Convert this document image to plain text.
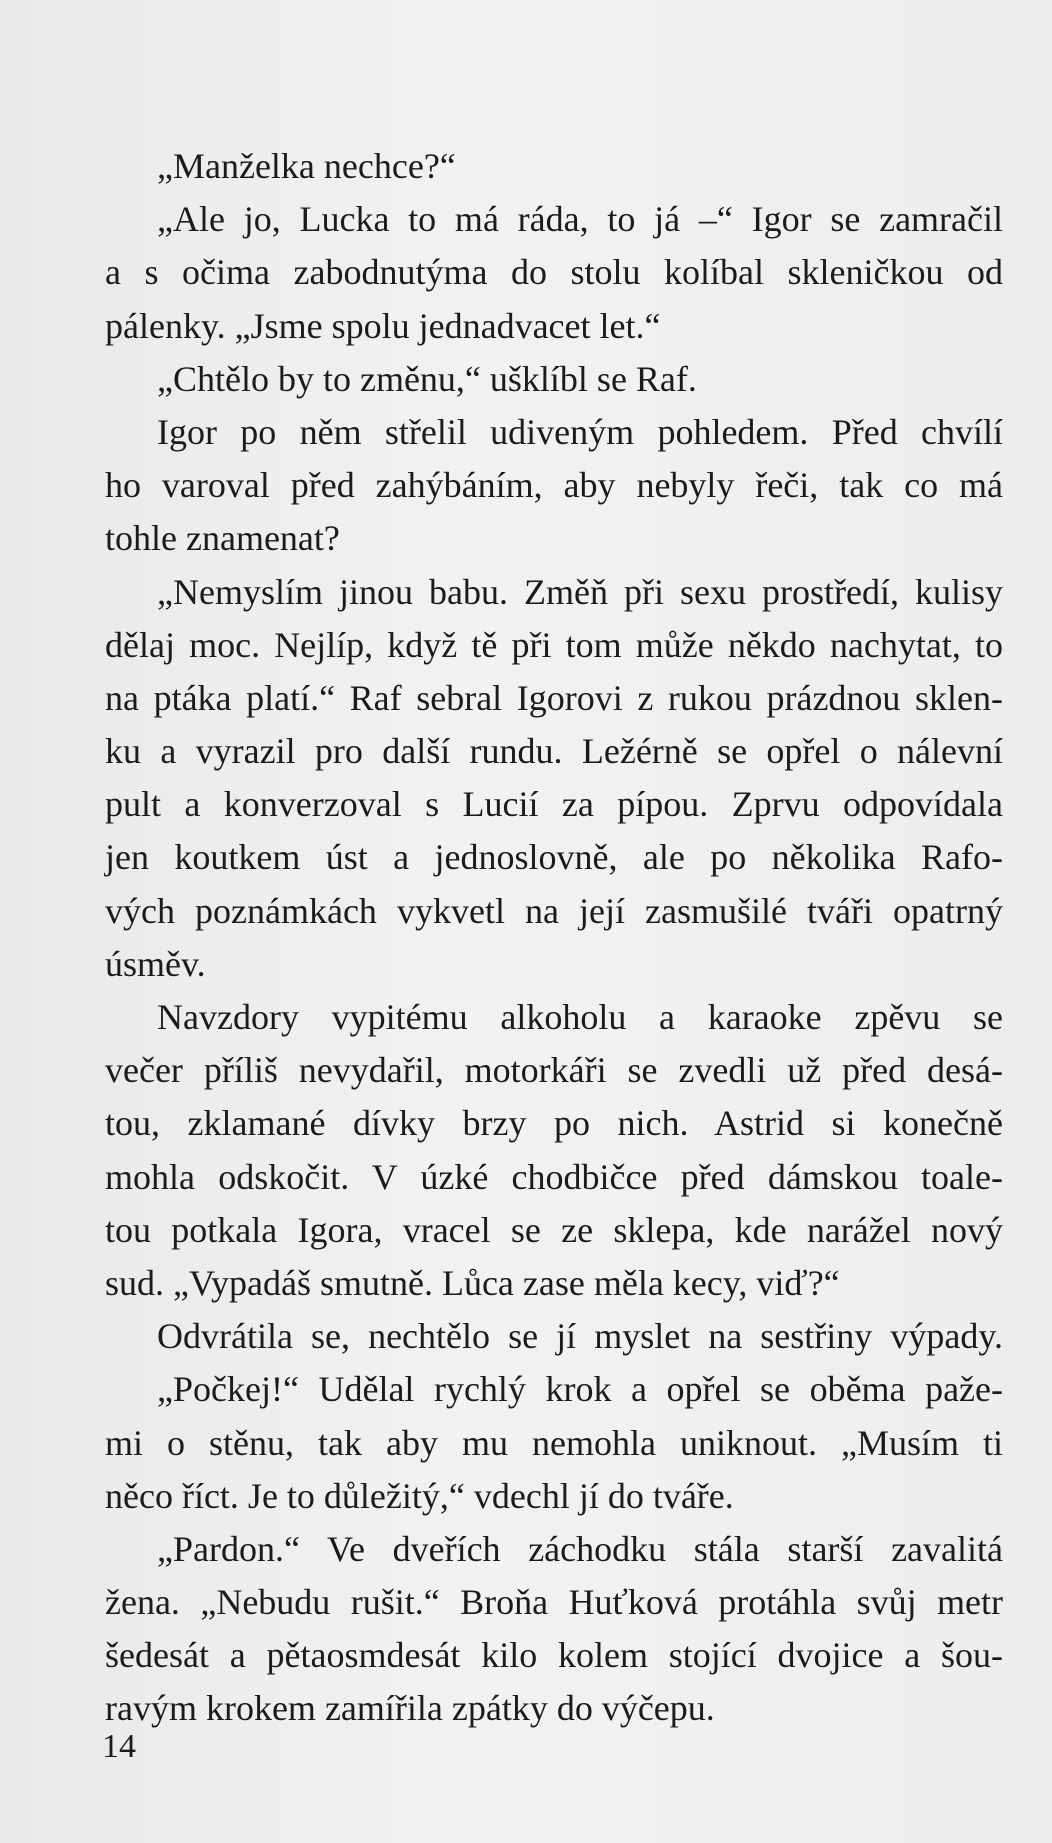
„Manželka nechce?“
„Ale jo, Lucka to má ráda, to já –“ Igor se zamračil
a s očima zabodnutýma do stolu kolíbal skleničkou od
pálenky. „Jsme spolu jednadvacet let.“
„Chtělo by to změnu,“ ušklíbl se Raf.
Igor po něm střelil udiveným pohledem. Před chvílí
ho varoval před zahýbáním, aby nebyly řeči, tak co má
tohle znamenat?
„Nemyslím jinou babu. Změň při sexu prostředí, kulisy
dělaj moc. Nejlíp, když tě při tom může někdo nachytat, to
na ptáka platí.“ Raf sebral Igorovi z rukou prázdnou sklen-
ku a vyrazil pro další rundu. Ležérně se opřel o nálevní
pult a konverzoval s Lucií za pípou. Zprvu odpovídala
jen koutkem úst a jednoslovně, ale po několika Rafo-
vých poznámkách vykvetl na její zasmušilé tváři opatrný
úsměv.
Navzdory vypitému alkoholu a karaoke zpěvu se
večer příliš nevydařil, motorkáři se zvedli už před desá-
tou, zklamané dívky brzy po nich. Astrid si konečně
mohla odskočit. V úzké chodbičce před dámskou toale-
tou potkala Igora, vracel se ze sklepa, kde narážel nový
sud. „Vypadáš smutně. Lůca zase měla kecy, viď?“
Odvrátila se, nechtělo se jí myslet na sestřiny výpady.
„Počkej!“ Udělal rychlý krok a opřel se oběma paže-
mi o stěnu, tak aby mu nemohla uniknout. „Musím ti
něco říct. Je to důležitý,“ vdechl jí do tváře.
„Pardon.“ Ve dveřích záchodku stála starší zavalitá
žena. „Nebudu rušit.“ Broňa Huťková protáhla svůj metr
šedesát a pětaosmdesát kilo kolem stojící dvojice a šou-
ravým krokem zamířila zpátky do výčepu.
14
